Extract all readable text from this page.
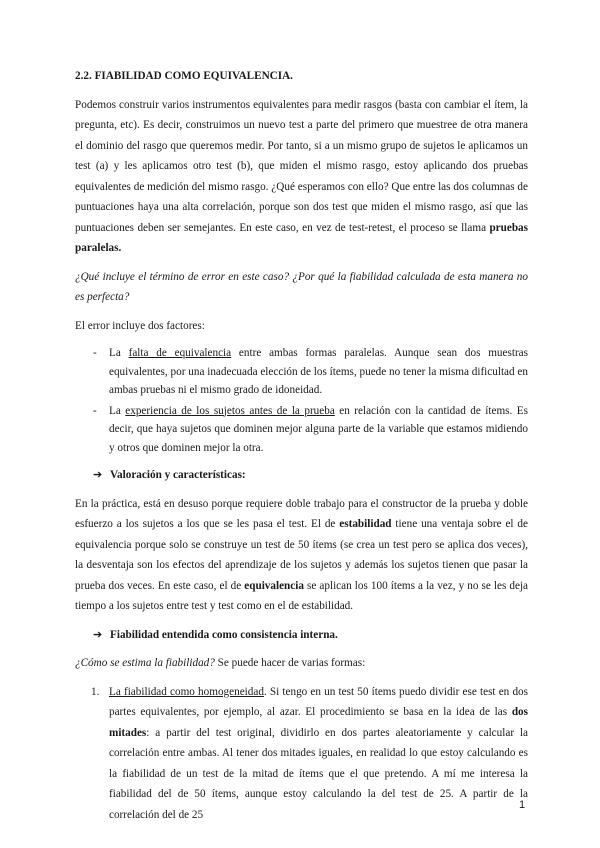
2.2. FIABILIDAD COMO EQUIVALENCIA.

Podemos construir varios instrumentos equivalentes para medir rasgos (basta con cambiar el ítem, la pregunta, etc). Es decir, construimos un nuevo test a parte del primero que muestree de otra manera el dominio del rasgo que queremos medir. Por tanto, si a un mismo grupo de sujetos le aplicamos un test (a) y les aplicamos otro test (b), que miden el mismo rasgo, estoy aplicando dos pruebas equivalentes de medición del mismo rasgo. ¿Qué esperamos con ello? Que entre las dos columnas de puntuaciones haya una alta correlación, porque son dos test que miden el mismo rasgo, así que las puntuaciones deben ser semejantes. En este caso, en vez de test-retest, el proceso se llama pruebas paralelas.

¿Qué incluye el término de error en este caso? ¿Por qué la fiabilidad calculada de esta manera no es perfecta?

El error incluye dos factores:

- La falta de equivalencia entre ambas formas paralelas. Aunque sean dos muestras equivalentes, por una inadecuada elección de los ítems, puede no tener la misma dificultad en ambas pruebas ni el mismo grado de idoneidad.
- La experiencia de los sujetos antes de la prueba en relación con la cantidad de ítems. Es decir, que haya sujetos que dominen mejor alguna parte de la variable que estamos midiendo y otros que dominen mejor la otra.
➔ Valoración y características:

En la práctica, está en desuso porque requiere doble trabajo para el constructor de la prueba y doble esfuerzo a los sujetos a los que se les pasa el test. El de estabilidad tiene una ventaja sobre el de equivalencia porque solo se construye un test de 50 ítems (se crea un test pero se aplica dos veces), la desventaja son los efectos del aprendizaje de los sujetos y además los sujetos tienen que pasar la prueba dos veces. En este caso, el de equivalencia se aplican los 100 ítems a la vez, y no se les deja tiempo a los sujetos entre test y test como en el de estabilidad.

➔ Fiabilidad entendida como consistencia interna.

¿Cómo se estima la fiabilidad? Se puede hacer de varias formas:

1. La fiabilidad como homogeneidad. Si tengo en un test 50 ítems puedo dividir ese test en dos partes equivalentes, por ejemplo, al azar. El procedimiento se basa en la idea de las dos mitades: a partir del test original, dividirlo en dos partes aleatoriamente y calcular la correlación entre ambas. Al tener dos mitades iguales, en realidad lo que estoy calculando es la fiabilidad de un test de la mitad de ítems que el que pretendo. A mí me interesa la fiabilidad del de 50 ítems, aunque estoy calculando la del test de 25. A partir de la correlación del de 25
1
